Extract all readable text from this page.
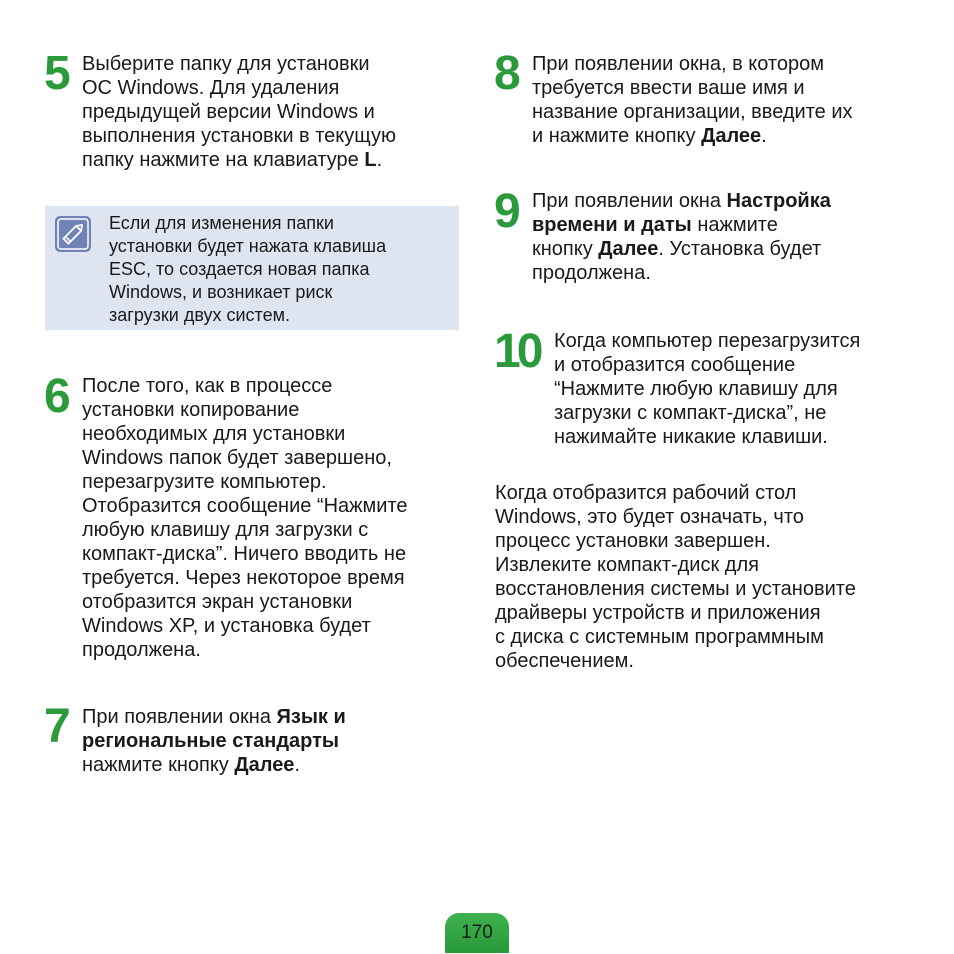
5 Выберите папку для установки
ОС Windows. Для удаления
предыдущей версии Windows и
выполнения установки в текущую
папку нажмите на клавиатуре L.
Если для изменения папки
установки будет нажата клавиша
ESC, то создается новая папка
Windows, и возникает риск
загрузки двух систем.
6 После того, как в процессе
установки копирование
необходимых для установки
Windows папок будет завершено,
перезагрузите компьютер.
Отобразится сообщение “Нажмите
любую клавишу для загрузки с
компакт-диска”. Ничего вводить не
требуется. Через некоторое время
отобразится экран установки
Windows XP, и установка будет
продолжена.
7 При появлении окна Язык и
региональные стандарты
нажмите кнопку Далее.
8 При появлении окна, в котором
требуется ввести ваше имя и
название организации, введите их
и нажмите кнопку Далее.
9 При появлении окна Настройка
времени и даты нажмите
кнопку Далее. Установка будет
продолжена.
10 Когда компьютер перезагрузится
и отобразится сообщение
“Нажмите любую клавишу для
загрузки с компакт-диска”, не
нажимайте никакие клавиши.
Когда отобразится рабочий стол
Windows, это будет означать, что
процесс установки завершен.
Извлеките компакт-диск для
восстановления системы и установите
драйверы устройств и приложения
с диска с системным программным
обеспечением.
170
